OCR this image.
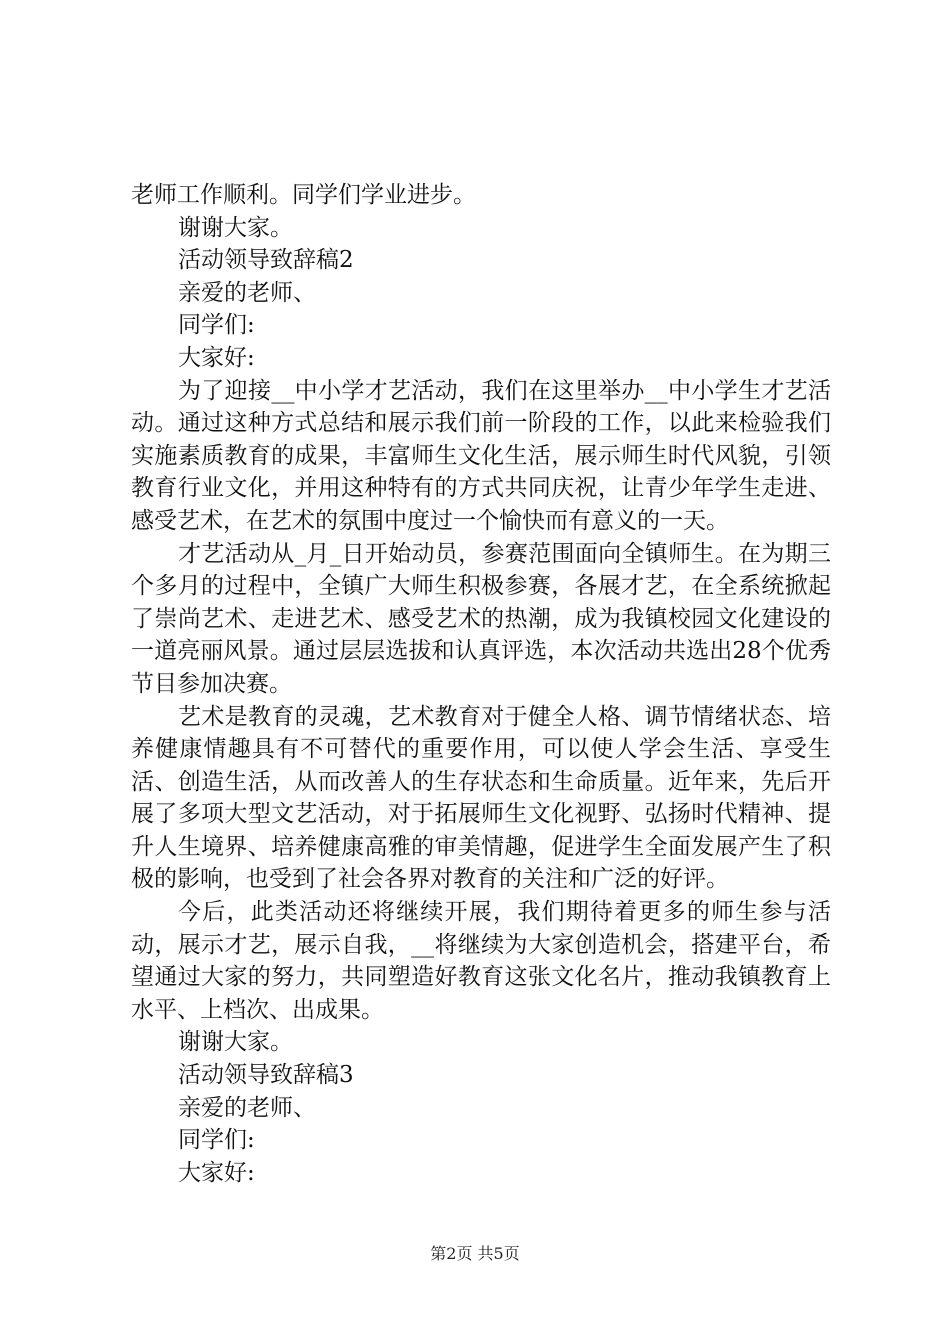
老师工作顺利。同学们学业进步。
谢谢大家。
活动领导致辞稿2
亲爱的老师、
同学们:
大家好:

为了迎接__中小学才艺活动，我们在这里举办__中小学生才艺活动。通过这种方式总结和展示我们前一阶段的工作，以此来检验我们实施素质教育的成果，丰富师生文化生活，展示师生时代风貌，引领教育行业文化，并用这种特有的方式共同庆祝，让青少年学生走进、感受艺术，在艺术的氛围中度过一个愉快而有意义的一天。

才艺活动从_月_日开始动员，参赛范围面向全镇师生。在为期三个多月的过程中，全镇广大师生积极参赛，各展才艺，在全系统掀起了崇尚艺术、走进艺术、感受艺术的热潮，成为我镇校园文化建设的一道亮丽风景。通过层层选拔和认真评选，本次活动共选出28个优秀节目参加决赛。

艺术是教育的灵魂，艺术教育对于健全人格、调节情绪状态、培养健康情趣具有不可替代的重要作用，可以使人学会生活、享受生活、创造生活，从而改善人的生存状态和生命质量。近年来，先后开展了多项大型文艺活动，对于拓展师生文化视野、弘扬时代精神、提升人生境界、培养健康高雅的审美情趣，促进学生全面发展产生了积极的影响，也受到了社会各界对教育的关注和广泛的好评。

今后，此类活动还将继续开展，我们期待着更多的师生参与活动，展示才艺，展示自我，__将继续为大家创造机会，搭建平台，希望通过大家的努力，共同塑造好教育这张文化名片，推动我镇教育上水平、上档次、出成果。

谢谢大家。
活动领导致辞稿3
亲爱的老师、
同学们:
大家好:
第2页 共5页
